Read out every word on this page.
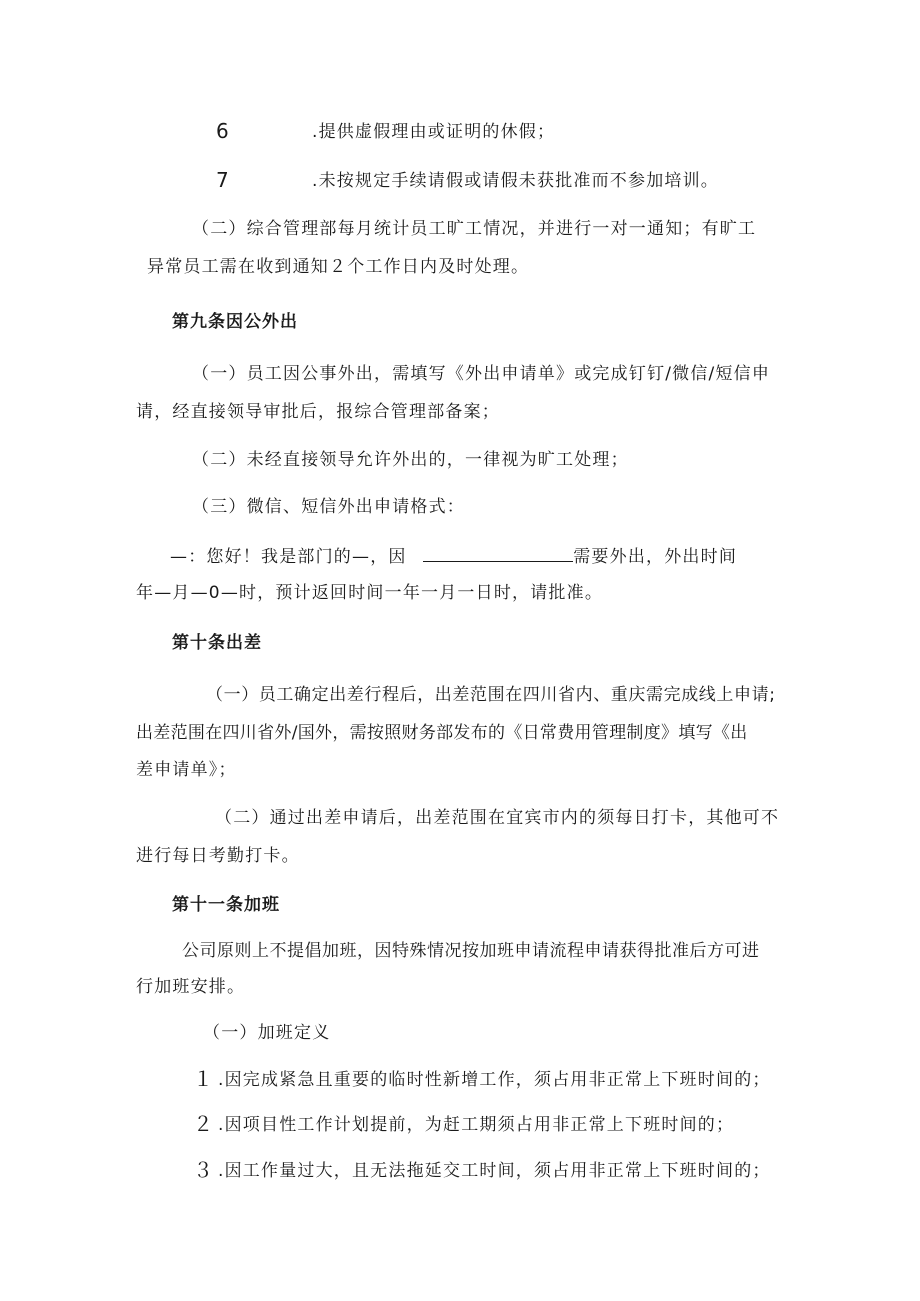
6	.提供虚假理由或证明的休假；
7	.未按规定手续请假或请假未获批准而不参加培训。
（二）综合管理部每月统计员工旷工情况，并进行一对一通知；有旷工
异常员工需在收到通知２个工作日内及时处理。
第九条因公外出
（一）员工因公事外出，需填写《外出申请单》或完成钉钉/微信/短信申
请，经直接领导审批后，报综合管理部备案；
（二）未经直接领导允许外出的，一律视为旷工处理；
（三）微信、短信外出申请格式：
—：您好！我是部门的—，因	需要外出，外出时间
年—月—0—时，预计返回时间一年一月一日时，请批准。
第十条出差
（一）员工确定出差行程后，出差范围在四川省内、重庆需完成线上申请;
出差范围在四川省外/国外，需按照财务部发布的《日常费用管理制度》填写《出
差申请单》；
（二）通过出差申请后，出差范围在宜宾市内的须每日打卡，其他可不
进行每日考勤打卡。
第十一条加班
公司原则上不提倡加班，因特殊情况按加班申请流程申请获得批准后方可进
行加班安排。
（一）加班定义
１ .因完成紧急且重要的临时性新增工作，须占用非正常上下班时间的；
２ .因项目性工作计划提前，为赶工期须占用非正常上下班时间的；
３ .因工作量过大，且无法拖延交工时间，须占用非正常上下班时间的；
